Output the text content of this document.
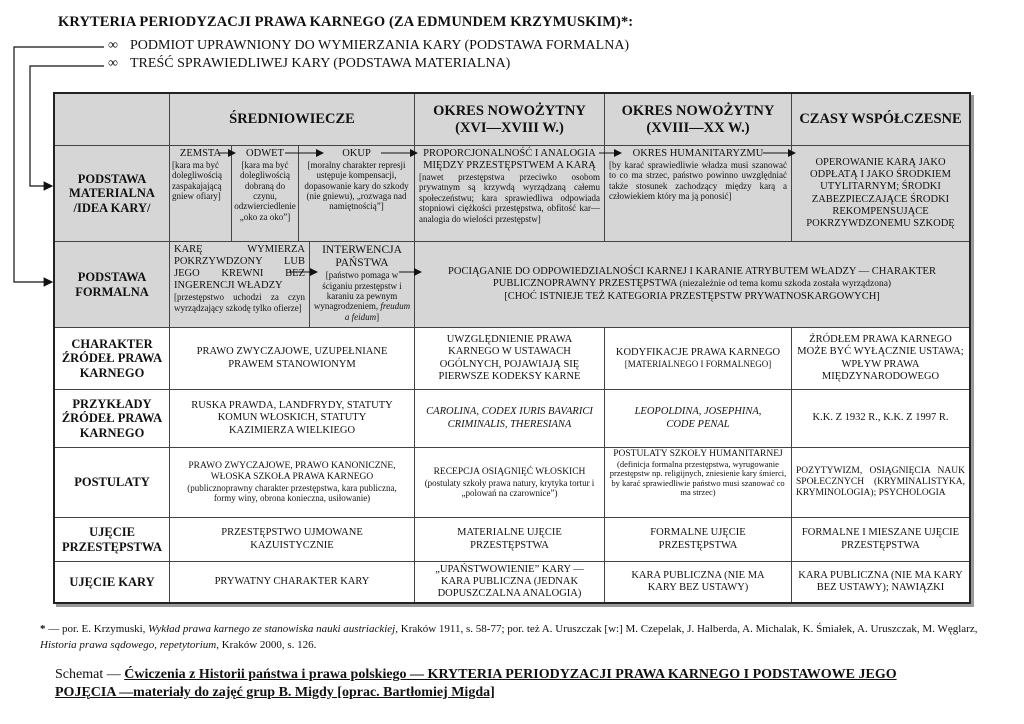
KRYTERIA PERIODYZACJI PRAWA KARNEGO (ZA EDMUNDEM KRZYMUSKIM)*:
∞ PODMIOT UPRAWNIONY DO WYMIERZANIA KARY (PODSTAWA FORMALNA)
∞ TREŚĆ SPRAWIEDLIWEJ KARY (PODSTAWA MATERIALNA)
ŚREDNIOWIECZE
OKRES NOWOŻYTNY (XVI—XVIII W.)
OKRES NOWOŻYTNY (XVIII—XX W.)
CZASY WSPÓŁCZESNE
PODSTAWA MATERIALNA /IDEA KARY/
ZEMSTA
[kara ma być dolegliwością zaspakajającą gniew ofiary]
ODWET
[kara ma być dolegliwością dobraną do czynu, odzwierciedlenie „oko za oko”]
OKUP
[moralny charakter represji ustępuje kompensacji, dopasowanie kary do szkody (nie gniewu), „rozwaga nad namiętnością”]
PROPORCJONALNOŚĆ I ANALOGIA MIĘDZY PRZESTĘPSTWEM A KARĄ
[nawet przestępstwa przeciwko osobom prywatnym są krzywdą wyrządzaną całemu społeczeństwu; kara sprawiedliwa odpowiada stopniowi ciężkości przestępstwa, obfitość kar—analogia do wielości przestępstw]
OKRES HUMANITARYZMU
[by karać sprawiedliwie władza musi szanować to co ma strzec, państwo powinno uwzględniać także stosunek zachodzący między karą a człowiekiem który ma ją ponosić]
OPEROWANIE KARĄ JAKO ODPŁATĄ I JAKO ŚRODKIEM UTYLITARNYM; ŚRODKI ZABEZPIECZAJĄCE ŚRODKI REKOMPENSUJĄCE POKRZYWDZONEMU SZKODĘ
PODSTAWA FORMALNA
KARĘ WYMIERZA POKRZYWDZONY LUB JEGO KREWNI BEZ INGERENCJI WŁADZY
[przestępstwo uchodzi za czyn wyrządzający szkodę tylko ofierze]
INTERWENCJA PAŃSTWA
[państwo pomaga w ściganiu przestępstw i karaniu za pewnym wynagrodzeniem, freudum a feidum]
POCIĄGANIE DO ODPOWIEDZIALNOŚCI KARNEJ I KARANIE ATRYBUTEM WŁADZY — CHARAKTER PUBLICZNOPRAWNY PRZESTĘPSTWA (niezależnie od tema komu szkoda została wyrządzona)
[CHOĆ ISTNIEJE TEŻ KATEGORIA PRZESTĘPSTW PRYWATNOSKARGOWYCH]
CHARAKTER ŹRÓDEŁ PRAWA KARNEGO
PRAWO ZWYCZAJOWE, UZUPEŁNIANE PRAWEM STANOWIONYM
UWZGLĘDNIENIE PRAWA KARNEGO W USTAWACH OGÓLNYCH, POJAWIAJĄ SIĘ PIERWSZE KODEKSY KARNE
KODYFIKACJE PRAWA KARNEGO
[MATERIALNEGO I FORMALNEGO]
ŹRÓDŁEM PRAWA KARNEGO MOŻE BYĆ WYŁĄCZNIE USTAWA; WPŁYW PRAWA MIĘDZYNARODOWEGO
PRZYKŁADY ŹRÓDEŁ PRAWA KARNEGO
RUSKA PRAWDA, LANDFRYDY, STATUTY KOMUN WŁOSKICH, STATUTY KAZIMIERZA WIELKIEGO
CAROLINA, CODEX IURIS BAVARICI CRIMINALIS, THERESIANA
LEOPOLDINA, JOSEPHINA, CODE PENAL
K.K. Z 1932 R., K.K. Z 1997 R.
POSTULATY
PRAWO ZWYCZAJOWE, PRAWO KANONICZNE, WŁOSKA SZKOŁA PRAWA KARNEGO
(publicznoprawny charakter przestępstwa, kara publiczna, formy winy, obrona konieczna, usiłowanie)
RECEPCJA OSIĄGNIĘĆ WŁOSKICH
(postulaty szkoły prawa natury, krytyka tortur i „polowań na czarownice”)
POSTULATY SZKOŁY HUMANITARNEJ
(definicja formalna przestępstwa, wyrugowanie przestępstw np. religijnych, zniesienie kary śmierci, by karać sprawiedliwie państwo musi szanować co ma strzec)
POZYTYWIZM, OSIĄGNIĘCIA NAUK SPOŁECZNYCH (KRYMINALISTYKA, KRYMINOLOGIA); PSYCHOLOGIA
UJĘCIE PRZESTĘPSTWA
PRZESTĘPSTWO UJMOWANE KAZUISTYCZNIE
MATERIALNE UJĘCIE PRZESTĘPSTWA
FORMALNE UJĘCIE PRZESTĘPSTWA
FORMALNE I MIESZANE UJĘCIE PRZESTĘPSTWA
UJĘCIE KARY	PRYWATNY CHARAKTER KARY
„UPAŃSTWOWIENIE” KARY — KARA PUBLICZNA (JEDNAK DOPUSZCZALNA ANALOGIA)
KARA PUBLICZNA (NIE MA KARY BEZ USTAWY)
KARA PUBLICZNA (NIE MA KARY BEZ USTAWY); NAWIĄZKI
* — por. E. Krzymuski, Wykład prawa karnego ze stanowiska nauki austriackiej, Kraków 1911, s. 58-77; por. też A. Uruszczak [w:] M. Czepelak, J. Halberda, A. Michalak, K. Śmiałek, A. Uruszczak, M. Węglarz, Historia prawa sądowego, repetytorium, Kraków 2000, s. 126.
Schemat — Ćwiczenia z Historii państwa i prawa polskiego — KRYTERIA PERIODYZACJI PRAWA KARNEGO I PODSTAWOWE JEGO POJĘCIA —materiały do zajęć grup B. Migdy [oprac. Bartłomiej Migda]
